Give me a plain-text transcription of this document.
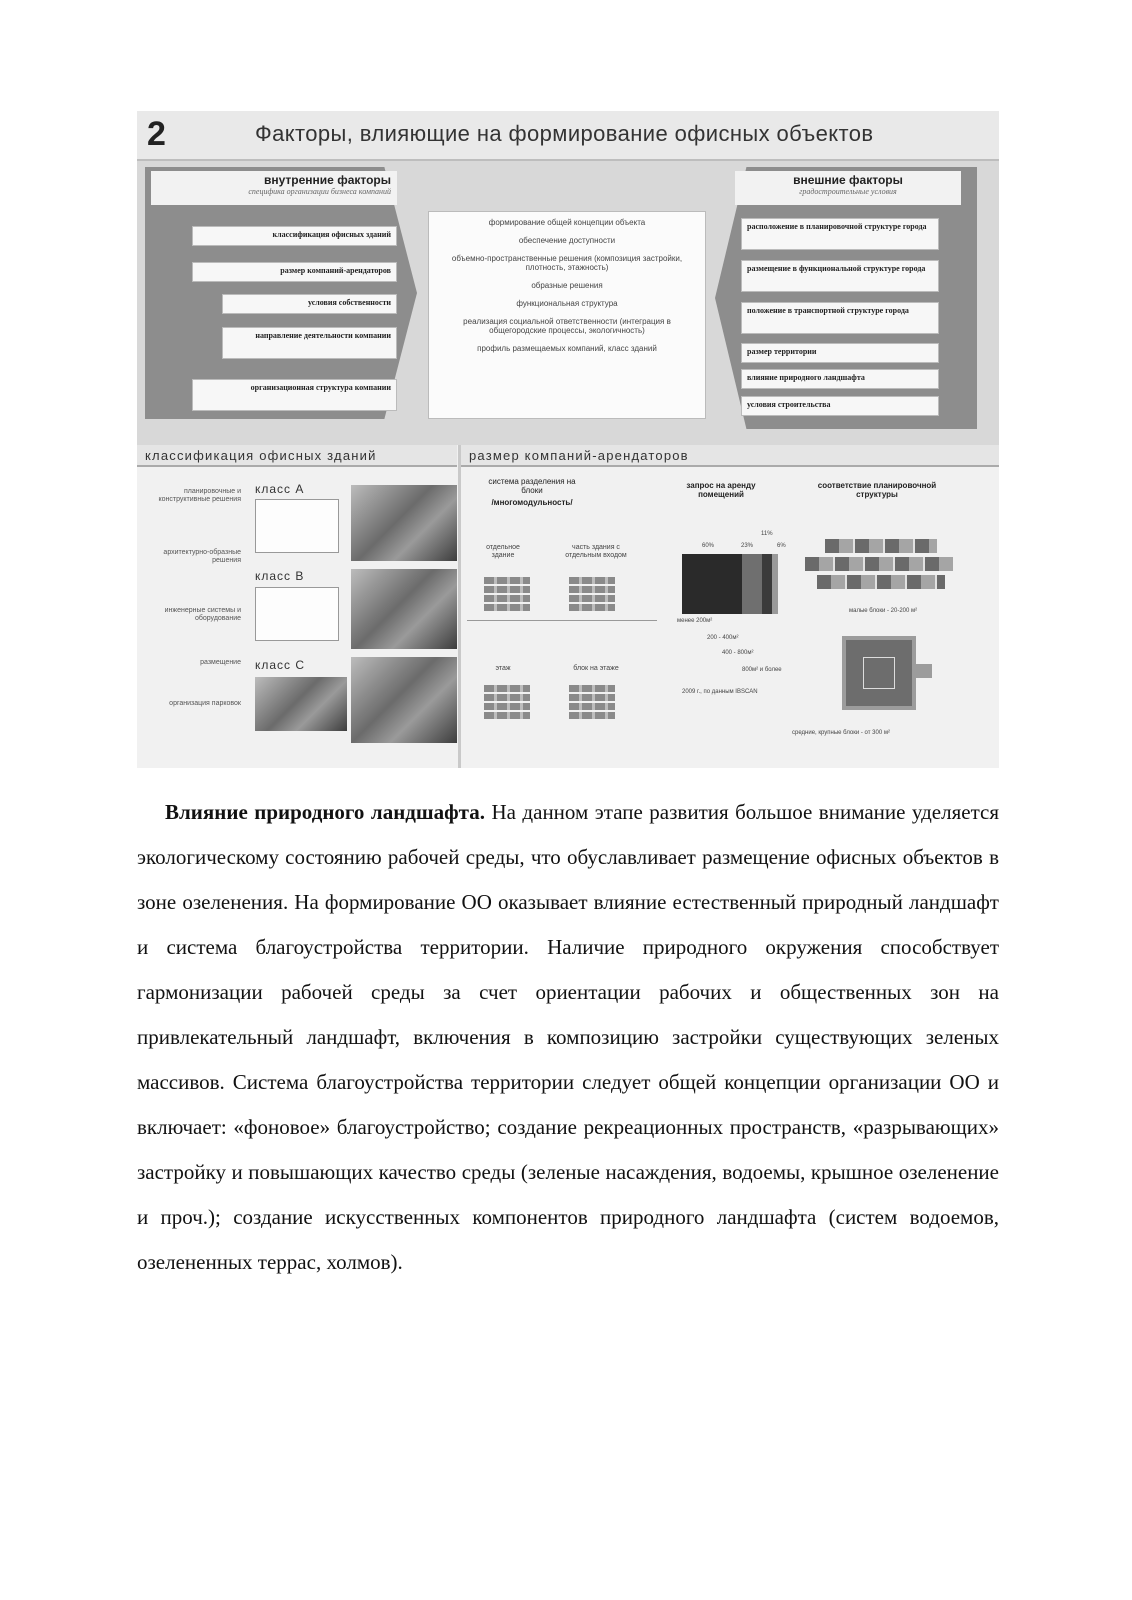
2	Факторы, влияющие на формирование офисных объектов
внутренние факторы
специфика организации бизнеса компаний
классификация офисных зданий
размер компаний-арендаторов
условия собственности
направление деятельности компании
организационная структура компании
формирование общей концепции объекта
обеспечение доступности
объемно-пространственные решения (композиция застройки, плотность, этажность)
образные решения
функциональная структура
реализация социальной ответственности (интеграция в общегородские процессы, экологичность)
профиль размещаемых компаний, класс зданий
внешние факторы
градостроительные условия
расположение в планировочной структуре города
размещение в функциональной структуре города
положение в транспортной структуре города
размер территории
влияние природного ландшафта
условия строительства
классификация офисных зданий
планировочные и конструктивные решения
архитектурно-образные решения
инженерные системы и оборудование
размещение
организация парковок
класс А
класс В
класс С
размер компаний-арендаторов
система разделения на блоки
/многомодульность/
отдельное здание
часть здания с отдельным входом
этаж	блок на этаже
запрос на аренду помещений
60%	23%
11%
6%
менее 200м²
200 - 400м²
400 - 800м²
800м² и более
2009 г., по данным IBSCAN
соответствие планировочной структуры
малые блоки - 20-200 м²
средние, крупные блоки - от 300 м²

Влияние природного ландшафта. На данном этапе развития большое внимание уделяется экологическому состоянию рабочей среды, что обуславливает размещение офисных объектов в зоне озеленения. На формирование ОО оказывает влияние естественный природный ландшафт и система благоустройства территории. Наличие природного окружения способствует гармонизации рабочей среды за счет ориентации рабочих и общественных зон на привлекательный ландшафт, включения в композицию застройки существующих зеленых массивов. Система благоустройства территории следует общей концепции организации ОО и включает: «фоновое» благоустройство; создание рекреационных пространств, «разрывающих» застройку и повышающих качество среды (зеленые насаждения, водоемы, крышное озеленение и проч.); создание искусственных компонентов природного ландшафта (систем водоемов, озелененных террас, холмов).
